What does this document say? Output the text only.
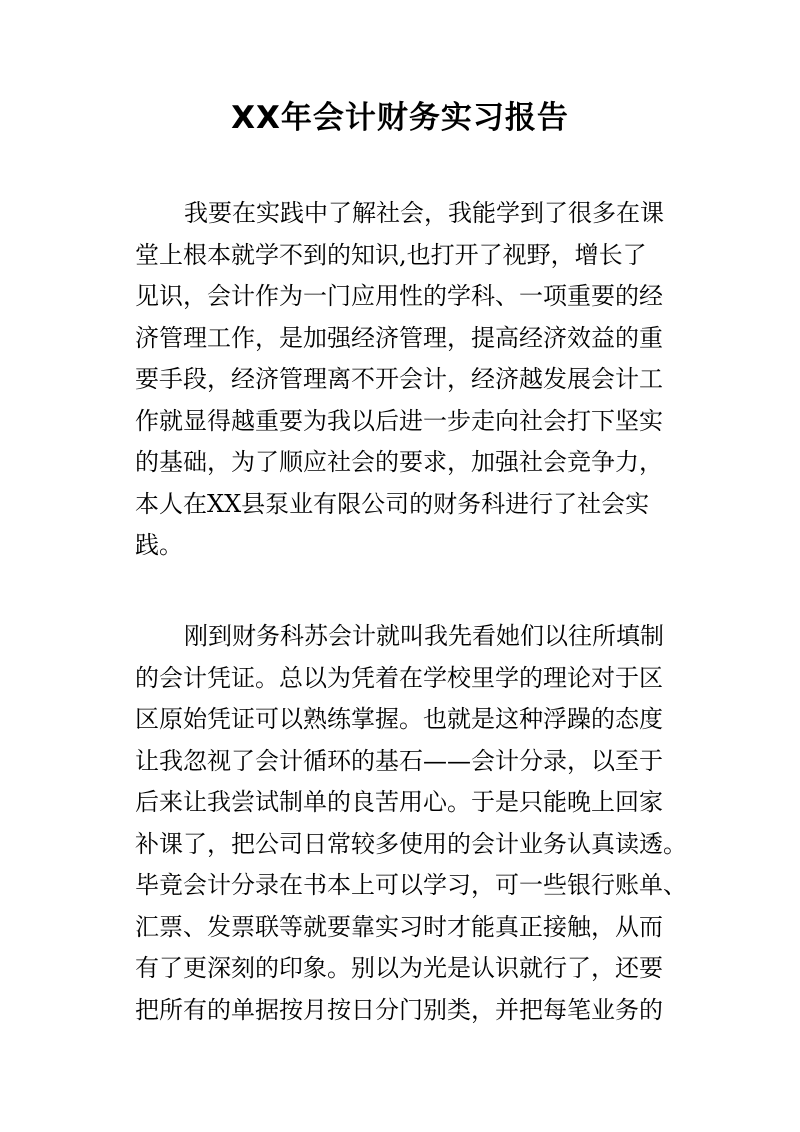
XX年会计财务实习报告
我要在实践中了解社会，我能学到了很多在课
堂上根本就学不到的知识,也打开了视野，增长了
见识，会计作为一门应用性的学科、一项重要的经
济管理工作，是加强经济管理，提高经济效益的重
要手段，经济管理离不开会计，经济越发展会计工
作就显得越重要为我以后进一步走向社会打下坚实
的基础，为了顺应社会的要求，加强社会竞争力，
本人在XX县泵业有限公司的财务科进行了社会实
践。
刚到财务科苏会计就叫我先看她们以往所填制
的会计凭证。总以为凭着在学校里学的理论对于区
区原始凭证可以熟练掌握。也就是这种浮躁的态度
让我忽视了会计循环的基石——会计分录，以至于
后来让我尝试制单的良苦用心。于是只能晚上回家
补课了，把公司日常较多使用的会计业务认真读透。
毕竟会计分录在书本上可以学习，可一些银行账单、
汇票、发票联等就要靠实习时才能真正接触，从而
有了更深刻的印象。别以为光是认识就行了，还要
把所有的单据按月按日分门别类，并把每笔业务的
